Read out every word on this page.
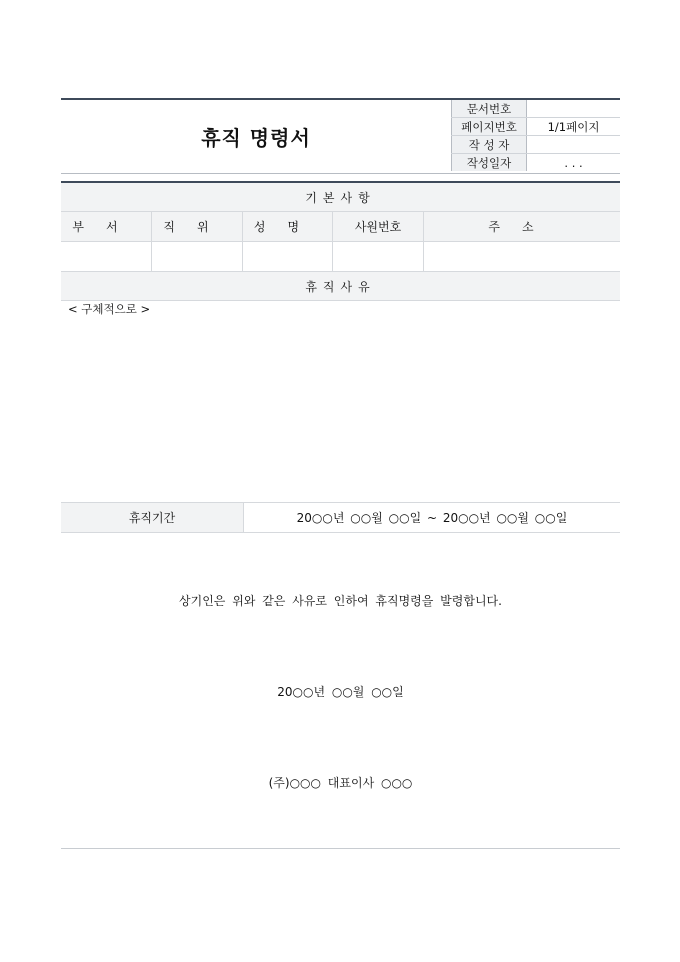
휴직 명령서
문서번호	
페이지번호	1/1페이지
작 성 자	
작성일자	. . .
기본사항
부서	직위	성명	사원번호	주소
휴직사유
< 구체적으로 >
휴직기간	20○○년 ○○월 ○○일 ~ 20○○년 ○○월 ○○일
상기인은 위와 같은 사유로 인하여 휴직명령을 발령합니다.
20○○년 ○○월 ○○일
(주)○○○ 대표이사 ○○○
